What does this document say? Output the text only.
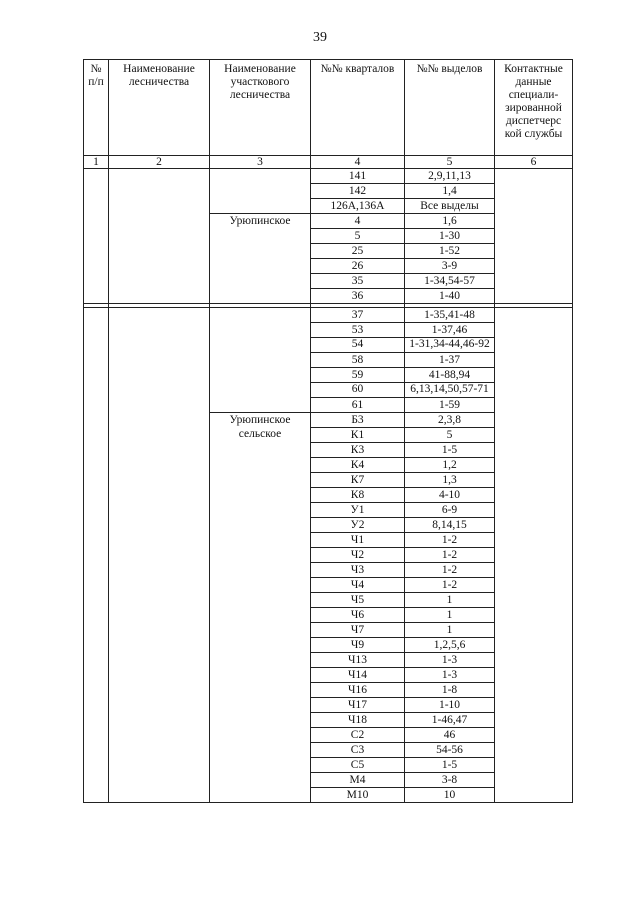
39
№ п/п	Наименование лесничества	Наименование участкового лесничества	№№ кварталов	№№ выделов	Контактные данные специали-зированной диспетчерс кой службы
1	2	3	4	5	6
			141	2,9,11,13	
			142	1,4	
			126А,136А	Все выделы	
		Урюпинское	4	1,6	
			5	1-30	
			25	1-52	
			26	3-9	
			35	1-34,54-57	
			36	1-40	

			37	1-35,41-48	
			53	1-37,46	
			54	1-31,34-44,46-92	
			58	1-37	
			59	41-88,94	
			60	6,13,14,50,57-71	
			61	1-59	
		Урюпинское сельское	Б3	2,3,8	
			К1	5	
			К3	1-5	
			К4	1,2	
			К7	1,3	
			К8	4-10	
			У1	6-9	
			У2	8,14,15	
			Ч1	1-2	
			Ч2	1-2	
			Ч3	1-2	
			Ч4	1-2	
			Ч5	1	
			Ч6	1	
			Ч7	1	
			Ч9	1,2,5,6	
			Ч13	1-3	
			Ч14	1-3	
			Ч16	1-8	
			Ч17	1-10	
			Ч18	1-46,47	
			С2	46	
			С3	54-56	
			С5	1-5	
			М4	3-8	
			М10	10	
